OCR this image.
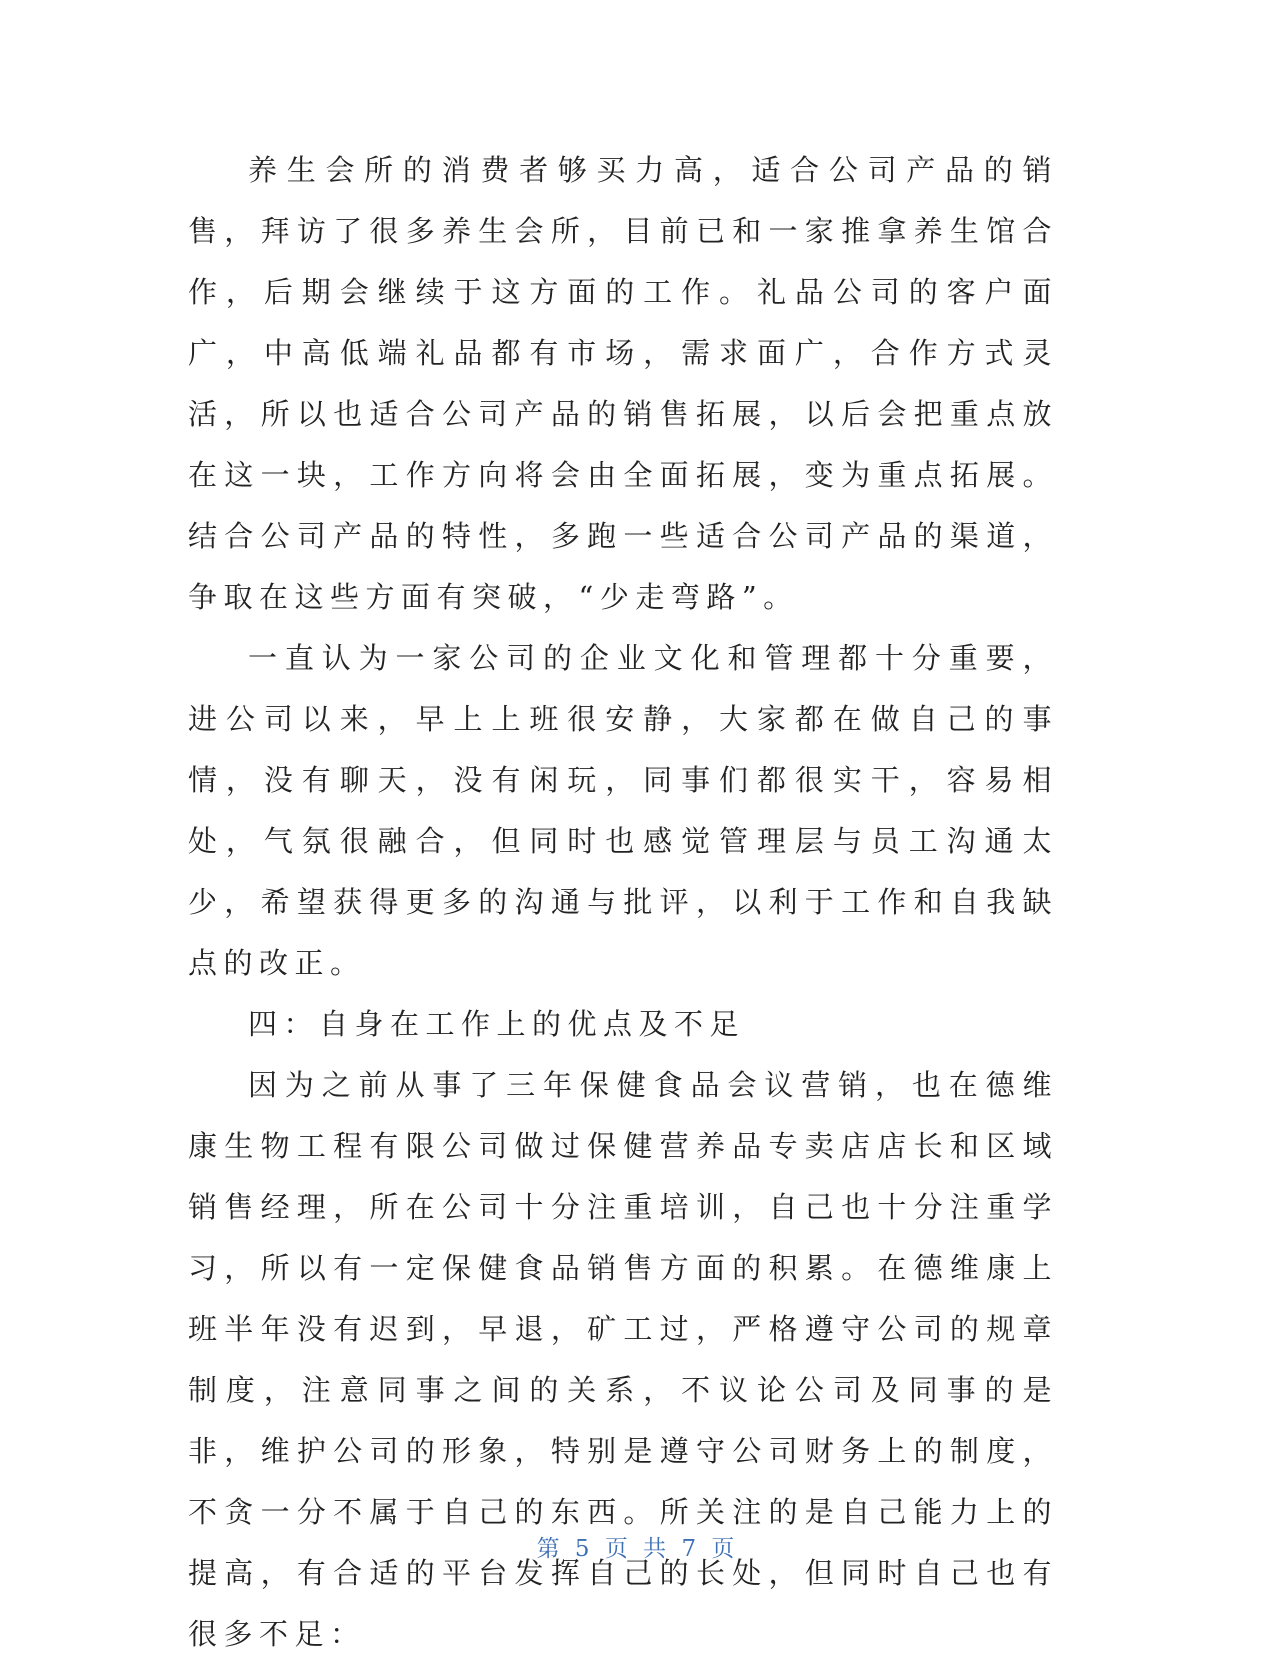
养生会所的消费者够买力高，适合公司产品的销售，拜访了很多养生会所，目前已和一家推拿养生馆合作，后期会继续于这方面的工作。礼品公司的客户面广，中高低端礼品都有市场，需求面广，合作方式灵活，所以也适合公司产品的销售拓展，以后会把重点放在这一块，工作方向将会由全面拓展，变为重点拓展。结合公司产品的特性，多跑一些适合公司产品的渠道，争取在这些方面有突破，“少走弯路”。

一直认为一家公司的企业文化和管理都十分重要，进公司以来，早上上班很安静，大家都在做自己的事情，没有聊天，没有闲玩，同事们都很实干，容易相处，气氛很融合，但同时也感觉管理层与员工沟通太少，希望获得更多的沟通与批评，以利于工作和自我缺点的改正。

四：自身在工作上的优点及不足

因为之前从事了三年保健食品会议营销，也在德维康生物工程有限公司做过保健营养品专卖店店长和区域销售经理，所在公司十分注重培训，自己也十分注重学习，所以有一定保健食品销售方面的积累。在德维康上班半年没有迟到，早退，矿工过，严格遵守公司的规章制度，注意同事之间的关系，不议论公司及同事的是非，维护公司的形象，特别是遵守公司财务上的制度，不贪一分不属于自己的东西。所关注的是自己能力上的提高，有合适的平台发挥自己的长处，但同时自己也有很多不足：

第 5 页 共 7 页
